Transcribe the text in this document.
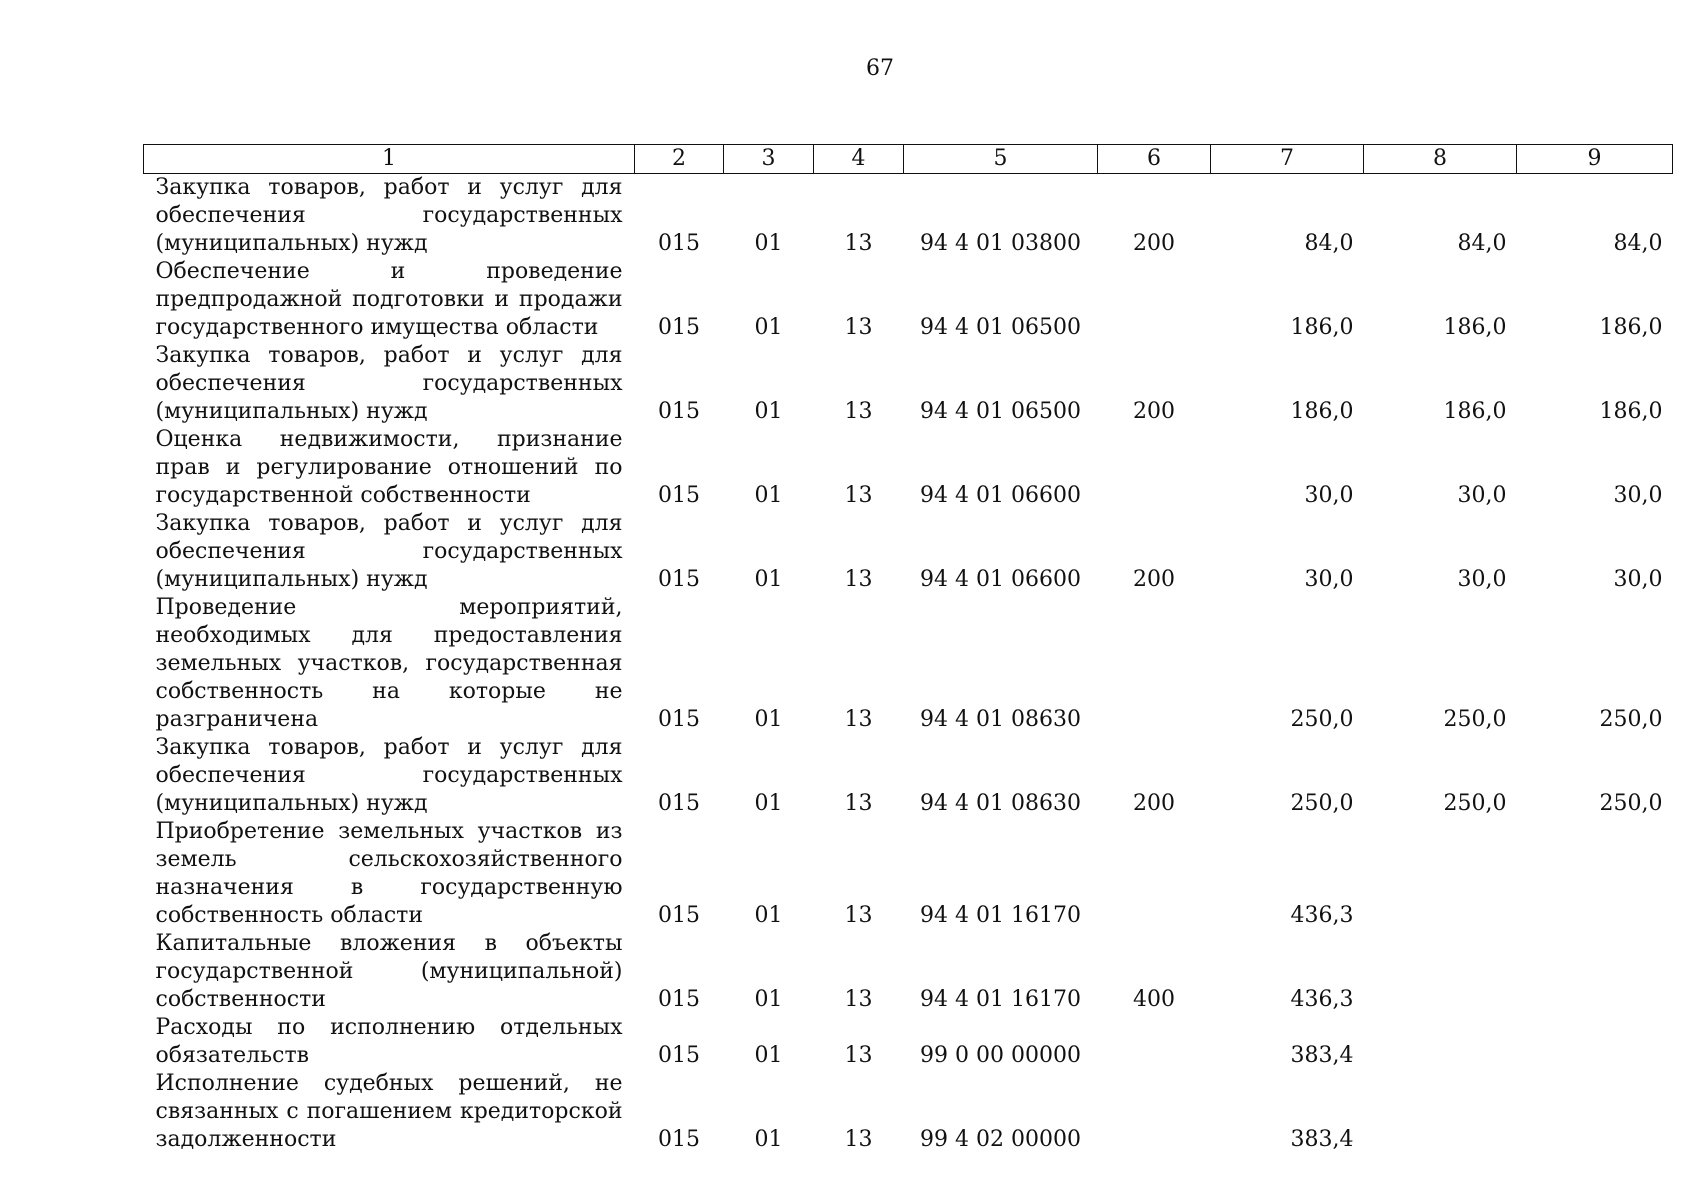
67
1	2	3	4	5	6	7	8	9
Закупка товаров, работ и услуг для обеспечения государственных (муниципальных) нужд	015	01	13	94 4 01 03800	200	84,0	84,0	84,0
Обеспечение и проведение предпродажной подготовки и продажи государственного имущества области	015	01	13	94 4 01 06500		186,0	186,0	186,0
Закупка товаров, работ и услуг для обеспечения государственных (муниципальных) нужд	015	01	13	94 4 01 06500	200	186,0	186,0	186,0
Оценка недвижимости, признание прав и регулирование отношений по государственной собственности	015	01	13	94 4 01 06600		30,0	30,0	30,0
Закупка товаров, работ и услуг для обеспечения государственных (муниципальных) нужд	015	01	13	94 4 01 06600	200	30,0	30,0	30,0
Проведение мероприятий, необходимых для предоставления земельных участков, государственная собственность на которые не разграничена	015	01	13	94 4 01 08630		250,0	250,0	250,0
Закупка товаров, работ и услуг для обеспечения государственных (муниципальных) нужд	015	01	13	94 4 01 08630	200	250,0	250,0	250,0
Приобретение земельных участков из земель сельскохозяйственного назначения в государственную собственность области	015	01	13	94 4 01 16170		436,3		
Капитальные вложения в объекты государственной (муниципальной) собственности	015	01	13	94 4 01 16170	400	436,3		
Расходы по исполнению отдельных обязательств	015	01	13	99 0 00 00000		383,4		
Исполнение судебных решений, не связанных с погашением кредиторской задолженности	015	01	13	99 4 02 00000		383,4		
